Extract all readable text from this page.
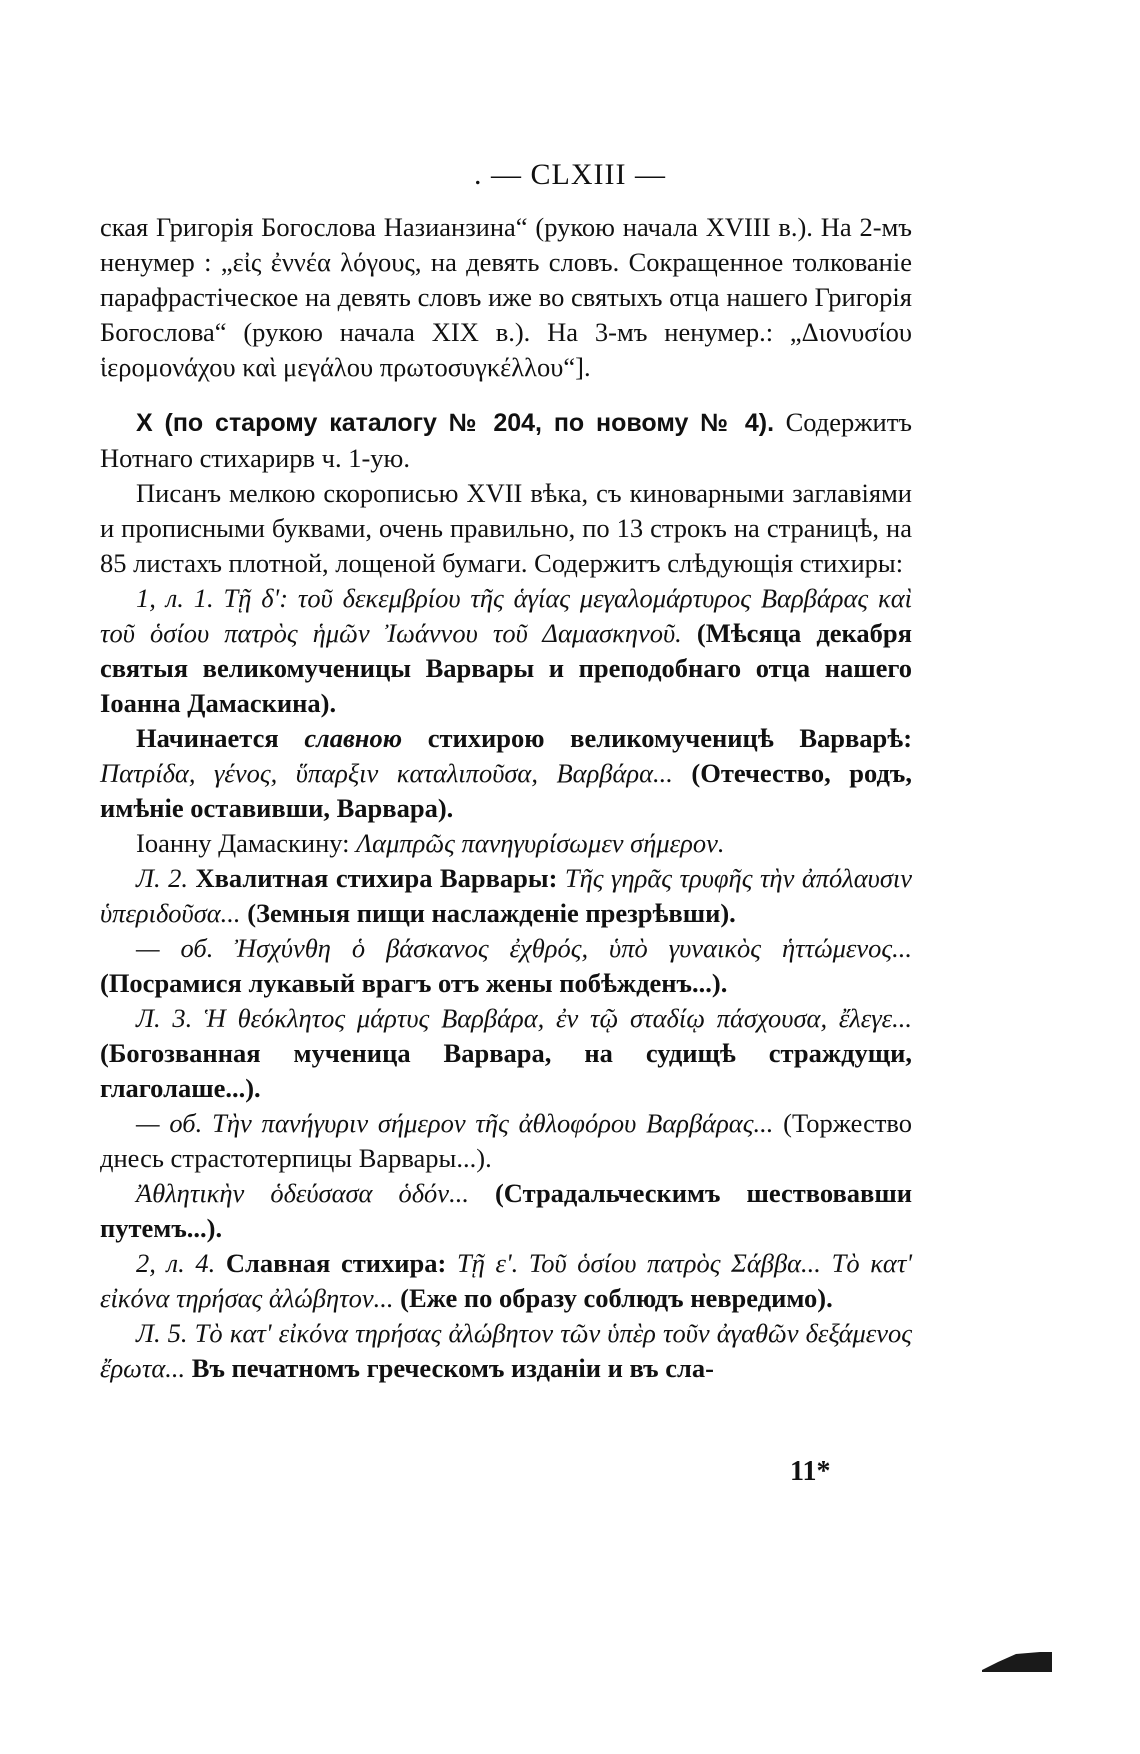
. — CLXIII —

ская Григорія Богослова Назианзина“ (рукою начала XVIII в.). На 2-мъ ненумер : „εἰς ἐννέα λόγους, на девять словъ. Сокращенное толкованіе парафрастіческое на девять словъ иже во святыхъ отца нашего Григорія Богослова“ (рукою начала XIX в.). На 3-мъ ненумер.: „Διονυσίου ἱερομονάχου καὶ μεγάλου πρωτοσυγκέλλου“].

X (по старому каталогу № 204, по новому № 4). Содержитъ Нотнаго стихарирв ч. 1-ую.

Писанъ мелкою скорописью XVII вѣка, съ киноварными заглавіями и прописными буквами, очень правильно, по 13 строкъ на страницѣ, на 85 листахъ плотной, лощеной бумаги. Содержитъ слѣдующія стихиры:

1, л. 1. Τῇ δ': τοῦ δεκεμβρίου τῆς ἁγίας μεγαλομάρτυρος Βαρβάρας καὶ τοῦ ὁσίου πατρὸς ἡμῶν Ἰωάννου τοῦ Δαμασκηνοῦ. (Мѣсяца декабря святыя великомученицы Варвары и преподобнаго отца нашего Іоанна Дамаскина).

Начинается славною стихирою великомученицѣ Варварѣ: Πατρίδα, γένος, ὕπαρξιν καταλιποῦσα, Βαρβάρα... (Отечество, родъ, имѣніе оставивши, Варвара).

Іоанну Дамаскину: Λαμπρῶς πανηγυρίσωμεν σήμερον.

Л. 2. Хвалитная стихира Варвары: Τῆς γηρᾶς τρυφῆς τὴν ἀπόλαυσιν ὑπεριδοῦσα... (Земныя пищи наслажденіе презрѣвши).

— об. Ἠσχύνθη ὁ βάσκανος ἐχθρός, ὑπὸ γυναικὸς ἡττώμενος... (Посрамися лукавый врагъ отъ жены побѣжденъ...).

Л. 3. Ἡ θεόκλητος μάρτυς Βαρβάρα, ἐν τῷ σταδίῳ πάσχουσα, ἔλεγε... (Богозванная мученица Варвара, на судищѣ страждущи, глаголаше...).

— об. Τὴν πανήγυριν σήμερον τῆς ἀθλοφόρου Βαρβάρας... (Торжество днесь страстотерпицы Варвары...).

Ἀθλητικὴν ὁδεύσασα ὁδόν... (Страдальческимъ шествовавши путемъ...).

2, л. 4. Славная стихира: Τῇ ε'. Τοῦ ὁσίου πατρὸς Σάββα... Τὸ κατ' εἰκόνα τηρήσας ἀλώβητον... (Еже по образу соблюдъ невредимо).

Л. 5. Τὸ κατ' εἰκόνα τηρήσας ἀλώβητον τῶν ὑπὲρ τοῦν ἀγαθῶν δεξάμενος ἔρωτα... Въ печатномъ греческомъ изданіи и въ сла-

11*
